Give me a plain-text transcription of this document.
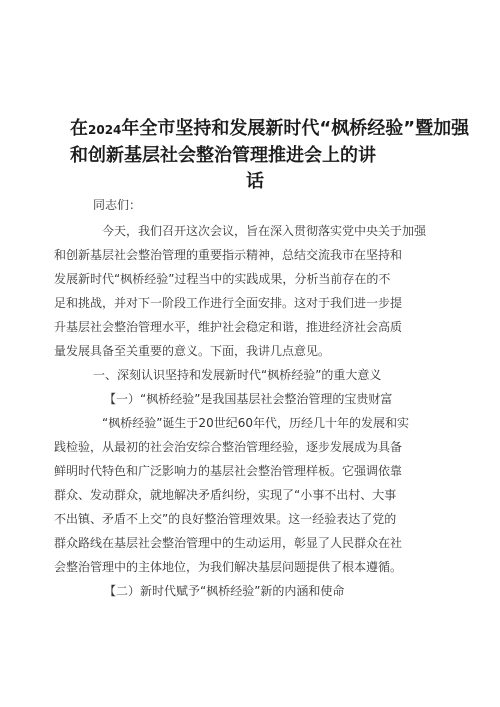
在2024年全市坚持和发展新时代“枫桥经验”暨加强
和创新基层社会整治管理推进会上的讲
话
同志们：
今天，我们召开这次会议，旨在深入贯彻落实党中央关于加强
和创新基层社会整治管理的重要指示精神，总结交流我市在坚持和
发展新时代“枫桥经验”过程当中的实践成果，分析当前存在的不
足和挑战，并对下一阶段工作进行全面安排。这对于我们进一步提
升基层社会整治管理水平，维护社会稳定和谐，推进经济社会高质
量发展具备至关重要的意义。下面，我讲几点意见。
一、深刻认识坚持和发展新时代“枫桥经验”的重大意义
【一）“枫桥经验”是我国基层社会整治管理的宝贵财富
“枫桥经验”诞生于20世纪60年代，历经几十年的发展和实
践检验，从最初的社会治安综合整治管理经验，逐步发展成为具备
鲜明时代特色和广泛影响力的基层社会整治管理样板。它强调依靠
群众、发动群众，就地解决矛盾纠纷，实现了“小事不出村、大事
不出镇、矛盾不上交”的良好整治管理效果。这一经验表达了党的
群众路线在基层社会整治管理中的生动运用，彰显了人民群众在社
会整治管理中的主体地位，为我们解决基层问题提供了根本遵循。
【二）新时代赋予“枫桥经验”新的内涵和使命
